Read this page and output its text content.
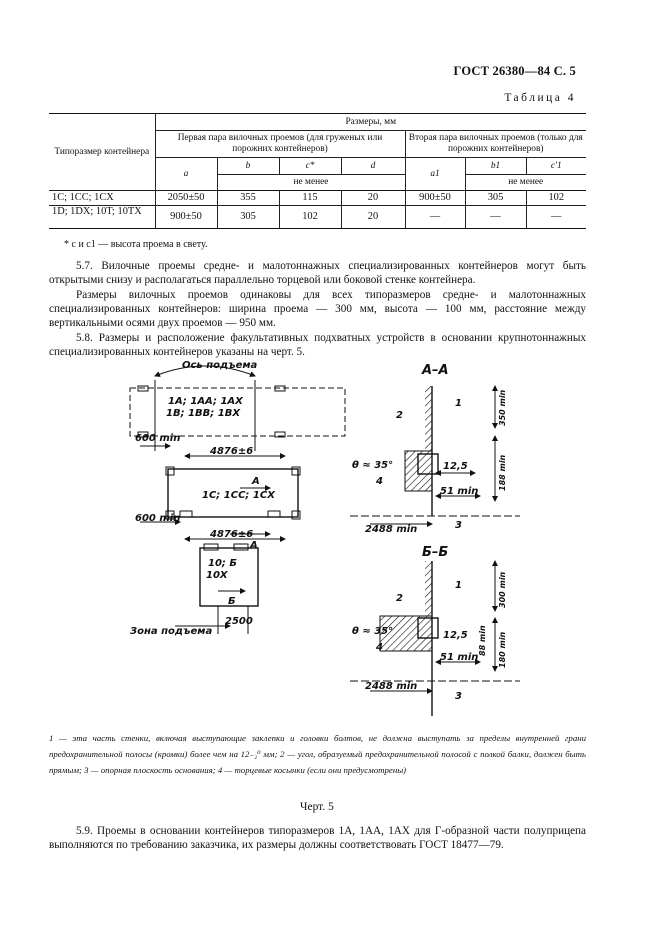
ГОСТ 26380—84 С. 5
Таблица 4
Типоразмер контейнера	Размеры, мм						
	Первая пара вилочных проемов (для груженых или порожних контейнеров)				Вторая пара вилочных проемов (только для порожних контейнеров)		
	a	b	c*	d	a1	b1	c'1
		не менее				не менее	
1C; 1CC; 1CX	2050±50	355	115	20	900±50	305	102
1D; 1DX; 10T; 10TX	900±50	305	102	20	—	—	—
* c и c1 — высота проема в свету.
5.7. Вилочные проемы средне- и малотоннажных специализированных контейнеров могут быть открытыми снизу и располагаться параллельно торцевой или боковой стенке контейнера.
Размеры вилочных проемов одинаковы для всех типоразмеров средне- и малотоннажных специализированных контейнеров: ширина проема — 300 мм, высота — 100 мм, расстояние между вертикальными осями двух проемов — 950 мм.
5.8. Размеры и расположение факультативных подхватных устройств в основании крупнотоннажных специализированных контейнеров указаны на черт. 5.
Ось подъема
1A; 1AA; 1AX
1B; 1BB; 1BX
600 min
4876±6
1C; 1CC; 1CX
А
600 min
4876±6
А
10; Б
10X
Б
Зона подъема
2500
А–А
1
2
θ ≈ 35°
4
12,5
51 min
2488 min	3
350 min
188 min
Б–Б
1
2
θ ≈ 35°
4
12,5
51 min
2488 min
3
300 min
88 min 180 min
1 — эта часть стенки, включая выступающие заклепки и головки болтов, не должна выступать за пределы внутренней грани предохранительной полосы (кромки) более чем на 12₋₂⁰ мм; 2 — угол, образуемый предохранительной полосой с полкой балки, должен быть прямым; 3 — опорная плоскость основания; 4 — торцевые косынки (если они предусмотрены)
Черт. 5
5.9. Проемы в основании контейнеров типоразмеров 1А, 1АА, 1АХ для Г-образной части полуприцепа выполняются по требованию заказчика, их размеры должны соответствовать ГОСТ 18477—79.
